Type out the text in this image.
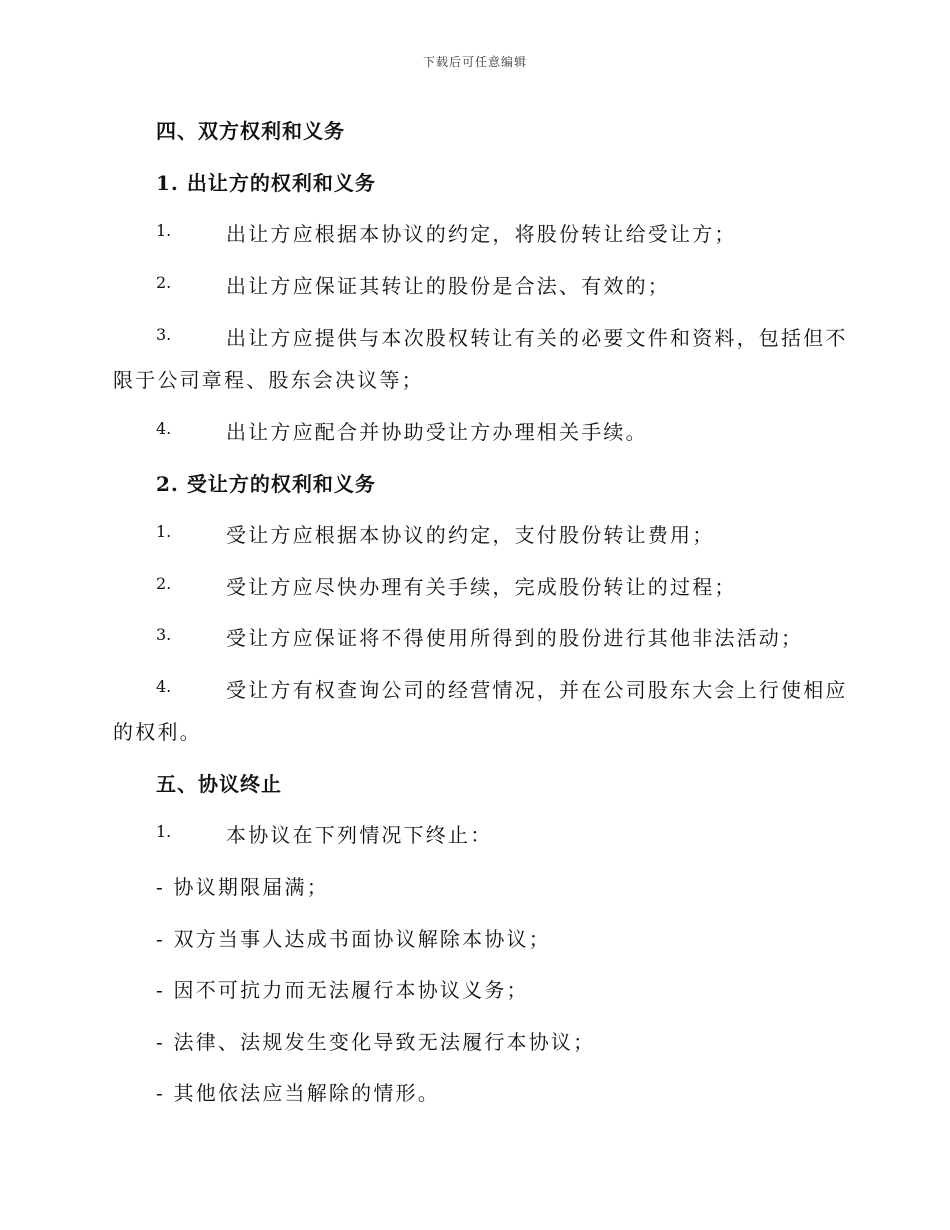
下载后可任意编辑
四、双方权利和义务
1. 出让方的权利和义务
1.	出让方应根据本协议的约定，将股份转让给受让方；
2.	出让方应保证其转让的股份是合法、有效的；
3.	出让方应提供与本次股权转让有关的必要文件和资料，包括但不
限于公司章程、股东会决议等；
4.	出让方应配合并协助受让方办理相关手续。
2. 受让方的权利和义务
1.	受让方应根据本协议的约定，支付股份转让费用；
2.	受让方应尽快办理有关手续，完成股份转让的过程；
3.	受让方应保证将不得使用所得到的股份进行其他非法活动；
4.	受让方有权查询公司的经营情况，并在公司股东大会上行使相应
的权利。
五、协议终止
1.	本协议在下列情况下终止：
- 协议期限届满；
- 双方当事人达成书面协议解除本协议；
- 因不可抗力而无法履行本协议义务；
- 法律、法规发生变化导致无法履行本协议；
- 其他依法应当解除的情形。
